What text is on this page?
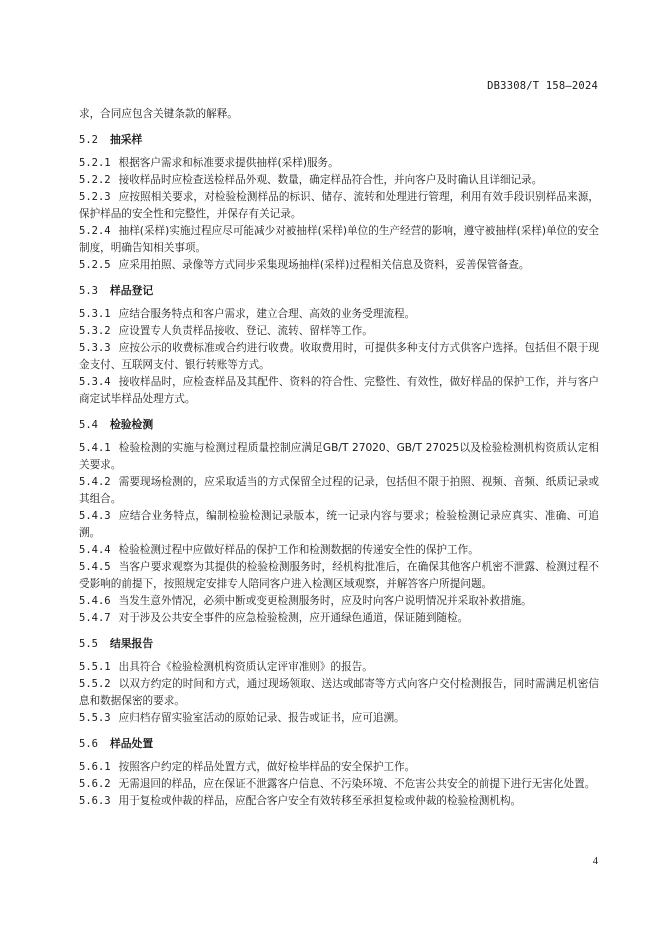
DB3308/T 158—2024

求，合同应包含关键条款的解释。

5.2 抽采样

5.2.1 根据客户需求和标准要求提供抽样(采样)服务。

5.2.2 接收样品时应检查送检样品外观、数量，确定样品符合性，并向客户及时确认且详细记录。

5.2.3 应按照相关要求，对检验检测样品的标识、储存、流转和处理进行管理，利用有效手段识别样品来源，保护样品的安全性和完整性，并保存有关记录。

5.2.4 抽样(采样)实施过程应尽可能减少对被抽样(采样)单位的生产经营的影响，遵守被抽样(采样)单位的安全制度，明确告知相关事项。

5.2.5 应采用拍照、录像等方式同步采集现场抽样(采样)过程相关信息及资料，妥善保管备查。

5.3 样品登记

5.3.1 应结合服务特点和客户需求，建立合理、高效的业务受理流程。

5.3.2 应设置专人负责样品接收、登记、流转、留样等工作。

5.3.3 应按公示的收费标准或合约进行收费。收取费用时，可提供多种支付方式供客户选择。包括但不限于现金支付、互联网支付、银行转账等方式。

5.3.4 接收样品时，应检查样品及其配件、资料的符合性、完整性、有效性，做好样品的保护工作，并与客户商定试毕样品处理方式。

5.4 检验检测

5.4.1 检验检测的实施与检测过程质量控制应满足GB/T 27020、GB/T 27025以及检验检测机构资质认定相关要求。

5.4.2 需要现场检测的，应采取适当的方式保留全过程的记录，包括但不限于拍照、视频、音频、纸质记录或其组合。

5.4.3 应结合业务特点，编制检验检测记录版本，统一记录内容与要求；检验检测记录应真实、准确、可追溯。

5.4.4 检验检测过程中应做好样品的保护工作和检测数据的传递安全性的保护工作。

5.4.5 当客户要求观察为其提供的检验检测服务时，经机构批准后，在确保其他客户机密不泄露、检测过程不受影响的前提下，按照规定安排专人陪同客户进入检测区域观察，并解答客户所提问题。

5.4.6 当发生意外情况，必须中断或变更检测服务时，应及时向客户说明情况并采取补救措施。

5.4.7 对于涉及公共安全事件的应急检验检测，应开通绿色通道，保证随到随检。

5.5 结果报告

5.5.1 出具符合《检验检测机构资质认定评审准则》的报告。

5.5.2 以双方约定的时间和方式，通过现场领取、送达或邮寄等方式向客户交付检测报告，同时需满足机密信息和数据保密的要求。

5.5.3 应归档存留实验室活动的原始记录、报告或证书，应可追溯。

5.6 样品处置

5.6.1 按照客户约定的样品处置方式，做好检毕样品的安全保护工作。

5.6.2 无需退回的样品，应在保证不泄露客户信息、不污染环境、不危害公共安全的前提下进行无害化处置。

5.6.3 用于复检或仲裁的样品，应配合客户安全有效转移至承担复检或仲裁的检验检测机构。

4
